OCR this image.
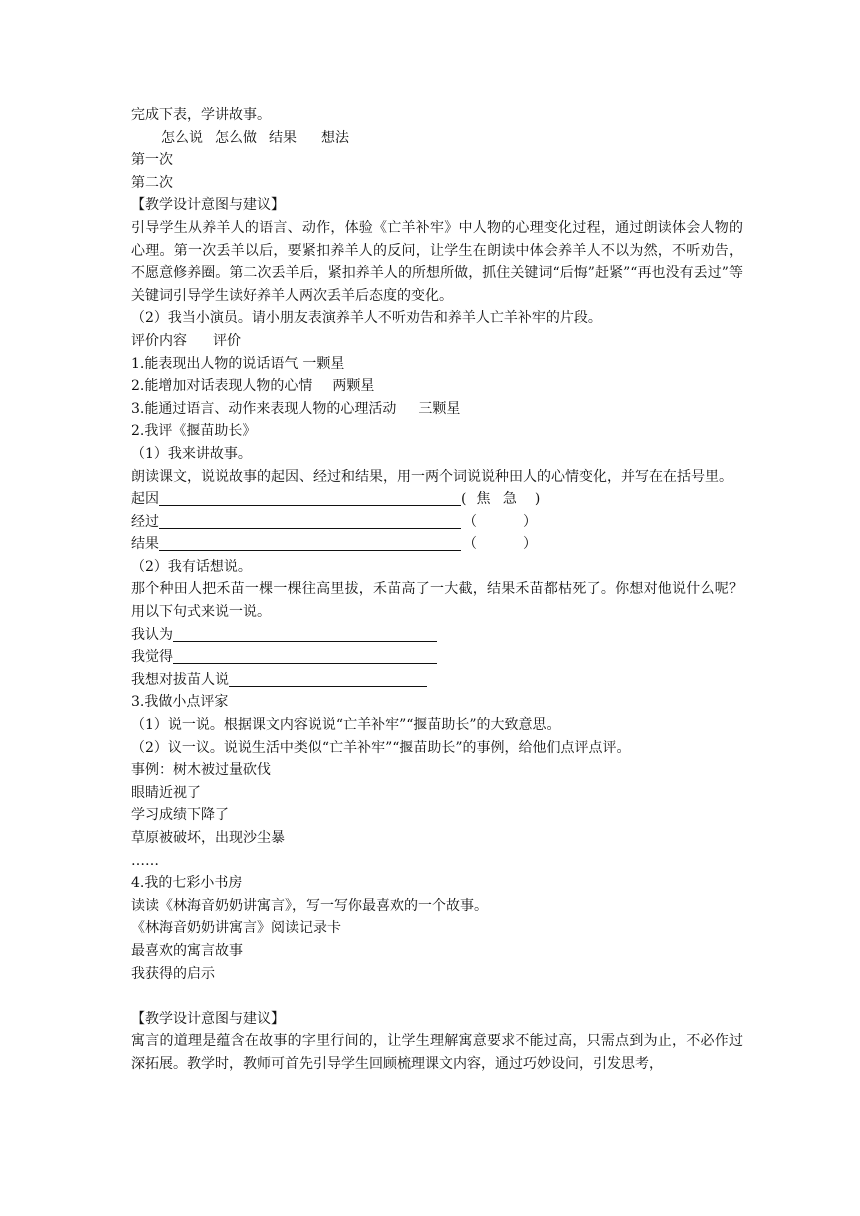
完成下表，学讲故事。
怎么说 怎么做 结果 想法
第一次
第二次
【教学设计意图与建议】
引导学生从养羊人的语言、动作，体验《亡羊补牢》中人物的心理变化过程，通过朗读体会人物的心理。第一次丢羊以后，要紧扣养羊人的反问，让学生在朗读中体会养羊人不以为然，不听劝告，不愿意修养圈。第二次丢羊后，紧扣养羊人的所想所做，抓住关键词“后悔”赶紧”“再也没有丢过”等关键词引导学生读好养羊人两次丢羊后态度的变化。
（2）我当小演员。请小朋友表演养羊人不听劝告和养羊人亡羊补牢的片段。
评价内容 评价
1.能表现出人物的说话语气 一颗星
2.能增加对话表现人物的心情 两颗星
3.能通过语言、动作来表现人物的心理活动 三颗星
2.我评《揠苗助长》
（1）我来讲故事。
朗读课文，说说故事的起因、经过和结果，用一两个词说说种田人的心情变化，并写在在括号里。
起因	( 焦 急 )
经过	（	）
结果	（	）
（2）我有话想说。
那个种田人把禾苗一棵一棵往高里拔，禾苗高了一大截，结果禾苗都枯死了。你想对他说什么呢？用以下句式来说一说。
我认为
我觉得
我想对拔苗人说
3.我做小点评家
（1）说一说。根据课文内容说说“亡羊补牢”“揠苗助长”的大致意思。
（2）议一议。说说生活中类似“亡羊补牢”“揠苗助长”的事例，给他们点评点评。
事例：树木被过量砍伐
眼睛近视了
学习成绩下降了
草原被破坏，出现沙尘暴
……
4.我的七彩小书房
读读《林海音奶奶讲寓言》，写一写你最喜欢的一个故事。
《林海音奶奶讲寓言》阅读记录卡
最喜欢的寓言故事
我获得的启示
【教学设计意图与建议】
寓言的道理是蕴含在故事的字里行间的，让学生理解寓意要求不能过高，只需点到为止，不必作过深拓展。教学时，教师可首先引导学生回顾梳理课文内容，通过巧妙设问，引发思考，
